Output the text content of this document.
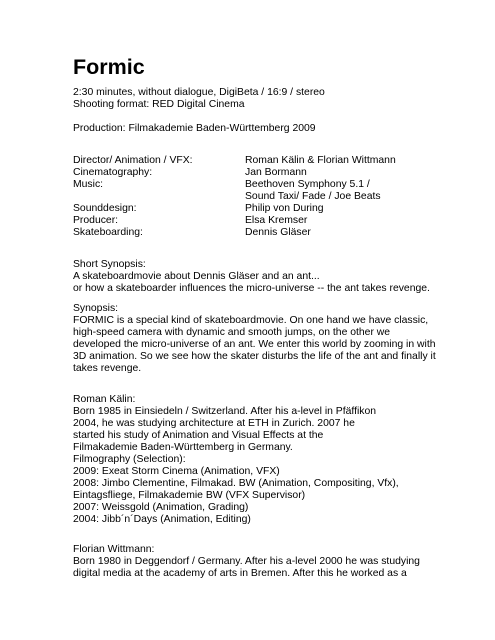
Formic
2:30 minutes, without dialogue, DigiBeta / 16:9 / stereo
Shooting format: RED Digital Cinema
Production: Filmakademie Baden-Württemberg 2009
Director/ Animation / VFX:	Roman Kälin & Florian Wittmann
Cinematography:	Jan Bormann
Music:	Beethoven Symphony 5.1 /
Sound Taxi/ Fade / Joe Beats
Sounddesign:	Philip von During
Producer:	Elsa Kremser
Skateboarding:	Dennis Gläser
Short Synopsis:
A skateboardmovie about Dennis Gläser and an ant...
or how a skateboarder influences the micro-universe -- the ant takes revenge.
Synopsis:
FORMIC is a special kind of skateboardmovie. On one hand we have classic,
high-speed camera with dynamic and smooth jumps, on the other we
developed the micro-universe of an ant. We enter this world by zooming in with
3D animation. So we see how the skater disturbs the life of the ant and finally it
takes revenge.
Roman Kälin:
Born 1985 in Einsiedeln / Switzerland. After his a-level in Pfäffikon
2004, he was studying architecture at ETH in Zurich. 2007 he
started his study of Animation and Visual Effects at the
Filmakademie Baden-Württemberg in Germany.
Filmography (Selection):
2009: Exeat Storm Cinema (Animation, VFX)
2008: Jimbo Clementine, Filmakad. BW (Animation, Compositing, Vfx),
Eintagsfliege, Filmakademie BW (VFX Supervisor)
2007: Weissgold (Animation, Grading)
2004: Jibb´n´Days (Animation, Editing)
Florian Wittmann:
Born 1980 in Deggendorf / Germany. After his a-level 2000 he was studying
digital media at the academy of arts in Bremen. After this he worked as a
